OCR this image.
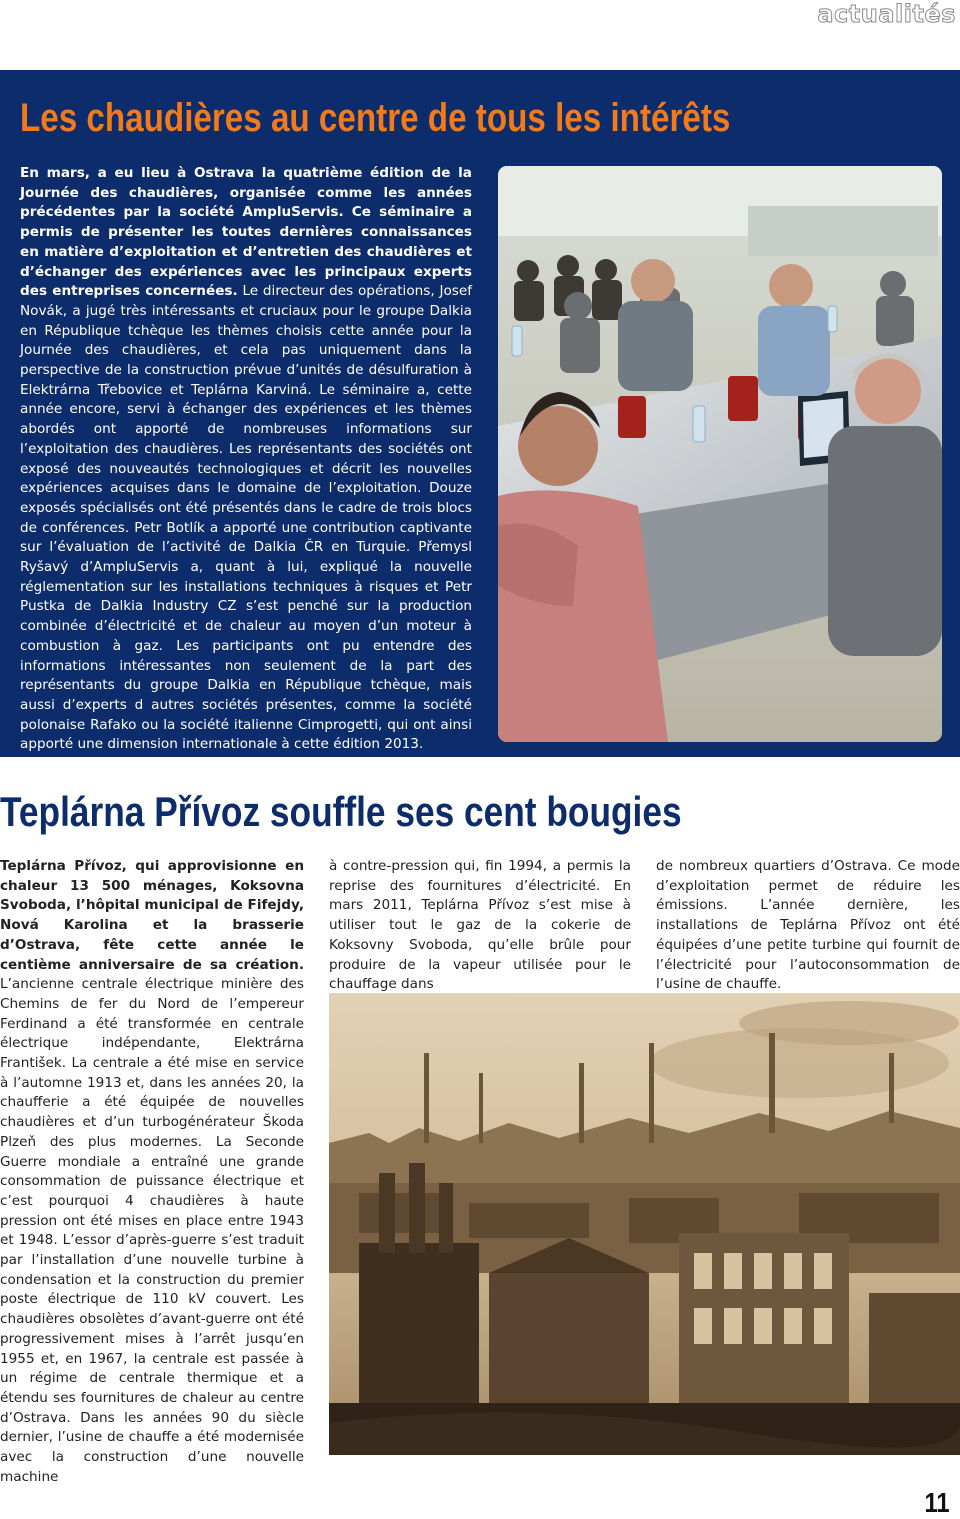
actualités
Les chaudières au centre de tous les intérêts
En mars, a eu lieu à Ostrava la quatrième édition de la Journée des chaudières, organisée comme les années précédentes par la société AmpluServis. Ce séminaire a permis de présenter les toutes dernières connaissances en matière d’exploitation et d’entretien des chaudières et d’échanger des expériences avec les principaux experts des entreprises concernées. Le directeur des opérations, Josef Novák, a jugé très intéressants et cruciaux pour le groupe Dalkia en République tchèque les thèmes choisis cette année pour la Journée des chaudières, et cela pas uniquement dans la perspective de la construction prévue d’unités de désulfuration à Elektrárna Třebovice et Teplárna Karviná. Le séminaire a, cette année encore, servi à échanger des expériences et les thèmes abordés ont apporté de nombreuses informations sur l’exploitation des chaudières. Les représentants des sociétés ont exposé des nouveautés technologiques et décrit les nouvelles expériences acquises dans le domaine de l’exploitation. Douze exposés spécialisés ont été présentés dans le cadre de trois blocs de conférences. Petr Botlík a apporté une contribution captivante sur l’évaluation de l’activité de Dalkia ČR en Turquie. Přemysl Ryšavý d’AmpluServis a, quant à lui, expliqué la nouvelle réglementation sur les installations techniques à risques et Petr Pustka de Dalkia Industry CZ s’est penché sur la production combinée d’électricité et de chaleur au moyen d’un moteur à combustion à gaz. Les participants ont pu entendre des informations intéressantes non seulement de la part des représentants du groupe Dalkia en République tchèque, mais aussi d’experts d autres sociétés présentes, comme la société polonaise Rafako ou la société italienne Cimprogetti, qui ont ainsi apporté une dimension internationale à cette édition 2013.
Teplárna Přívoz souffle ses cent bougies
Teplárna Přívoz, qui approvisionne en chaleur 13 500 ménages, Koksovna Svoboda, l’hôpital municipal de Fifejdy, Nová Karolina et la brasserie d’Ostrava, fête cette année le centième anniversaire de sa création. L’ancienne centrale électrique minière des Chemins de fer du Nord de l’empereur Ferdinand a été transformée en centrale électrique indépendante, Elektrárna František. La centrale a été mise en service à l’automne 1913 et, dans les années 20, la chaufferie a été équipée de nouvelles chaudières et d’un turbogénérateur Škoda Plzeň des plus modernes. La Seconde Guerre mondiale a entraîné une grande consommation de puissance électrique et c’est pourquoi 4 chaudières à haute pression ont été mises en place entre 1943 et 1948. L’essor d’après-guerre s’est traduit par l’installation d’une nouvelle turbine à condensation et la construction du premier poste électrique de 110 kV couvert. Les chaudières obsolètes d’avant-guerre ont été progressivement mises à l’arrêt jusqu’en 1955 et, en 1967, la centrale est passée à un régime de centrale thermique et a étendu ses fournitures de chaleur au centre d’Ostrava. Dans les années 90 du siècle dernier, l’usine de chauffe a été modernisée avec la construction d’une nouvelle machine
à contre-pression qui, fin 1994, a permis la reprise des fournitures d’électricité. En mars 2011, Teplárna Přívoz s’est mise à utiliser tout le gaz de la cokerie de Koksovny Svoboda, qu’elle brûle pour produire de la vapeur utilisée pour le chauffage dans
de nombreux quartiers d’Ostrava. Ce mode d’exploitation permet de réduire les émissions. L’année dernière, les installations de Teplárna Přívoz ont été équipées d’une petite turbine qui fournit de l’électricité pour l’autoconsommation de l’usine de chauffe.
11
